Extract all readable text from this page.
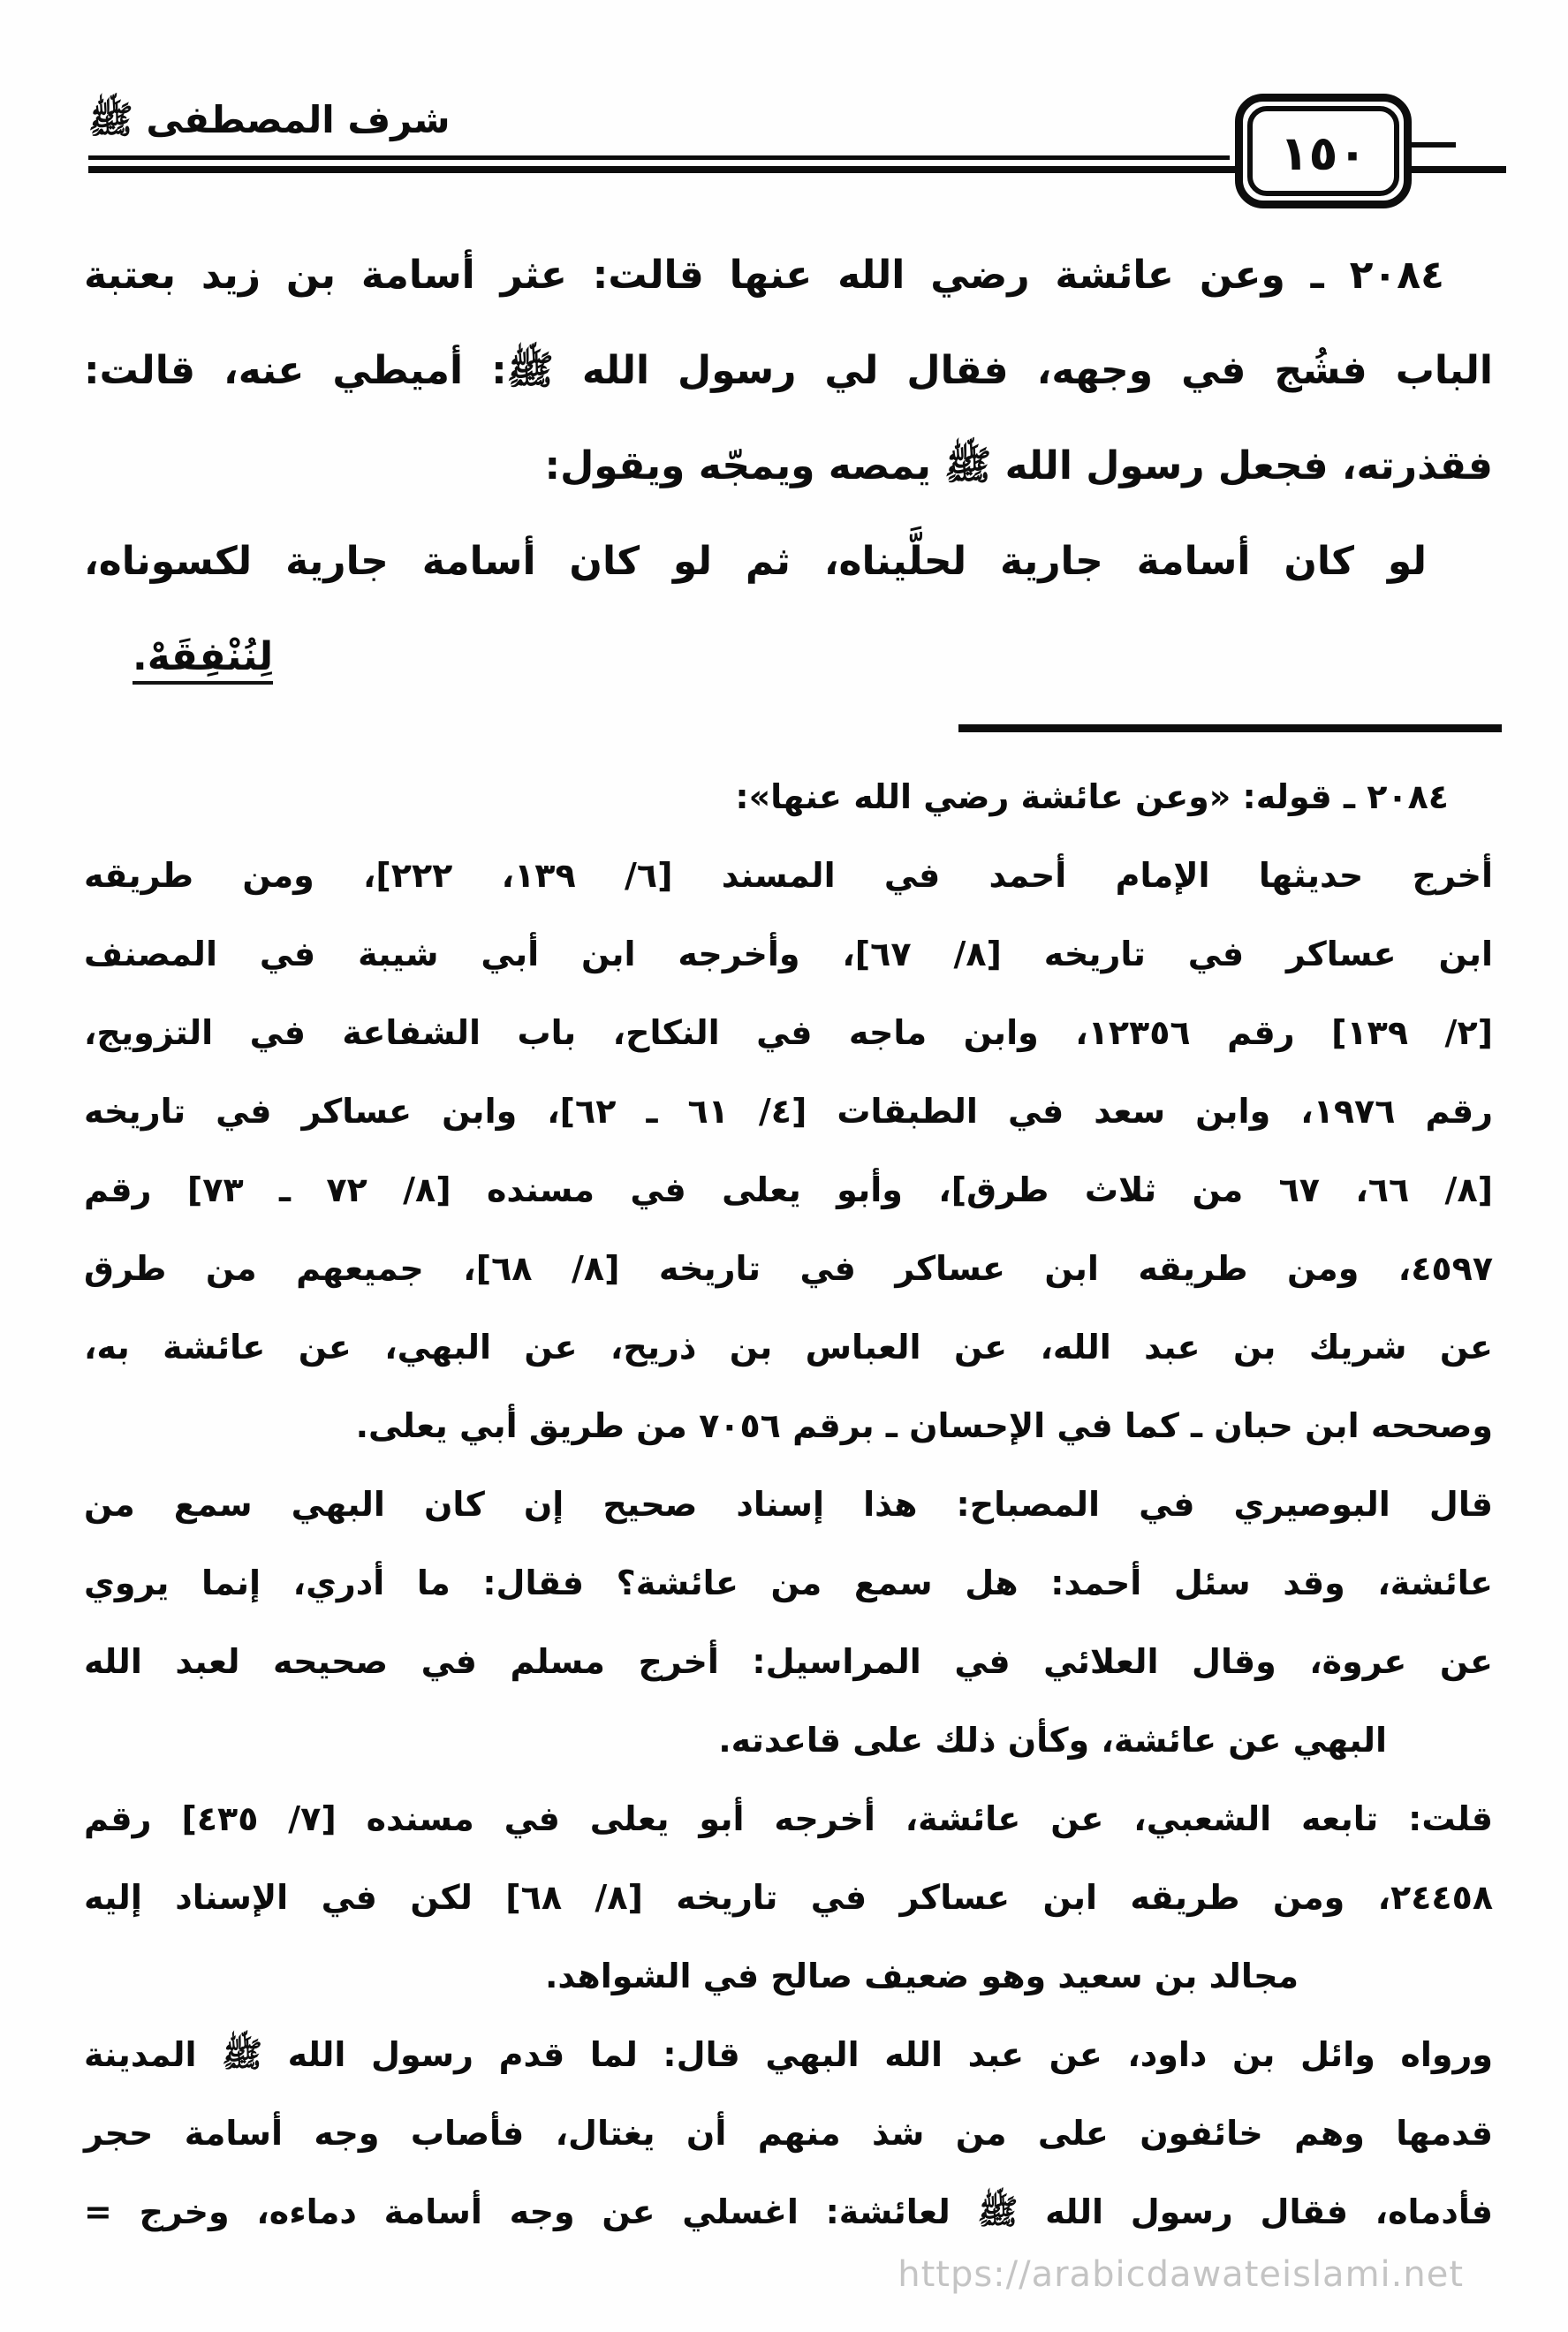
شرف المصطفى ﷺ
١٥٠
٢٠٨٤ ـ وعن عائشة رضي الله عنها قالت: عثر أسامة بن زيد بعتبة
الباب فشُج في وجهه، فقال لي رسول الله ﷺ: أميطي عنه، قالت:
فقذرته، فجعل رسول الله ﷺ يمصه ويمجّه ويقول:
لو كان أسامة جارية لحلَّيناه، ثم لو كان أسامة جارية لكسوناه،
لِنُنْفِقَهْ.
٢٠٨٤ ـ قوله: «وعن عائشة رضي الله عنها»:
أخرج حديثها الإمام أحمد في المسند [٦/ ١٣٩، ٢٢٢]، ومن طريقه
ابن عساكر في تاريخه [٨/ ٦٧]، وأخرجه ابن أبي شيبة في المصنف
[٢/ ١٣٩] رقم ١٢٣٥٦، وابن ماجه في النكاح، باب الشفاعة في التزويج،
رقم ١٩٧٦، وابن سعد في الطبقات [٤/ ٦١ ـ ٦٢]، وابن عساكر في تاريخه
[٨/ ٦٦، ٦٧ من ثلاث طرق]، وأبو يعلى في مسنده [٨/ ٧٢ ـ ٧٣] رقم
٤٥٩٧، ومن طريقه ابن عساكر في تاريخه [٨/ ٦٨]، جميعهم من طرق
عن شريك بن عبد الله، عن العباس بن ذريح، عن البهي، عن عائشة به،
وصححه ابن حبان ـ كما في الإحسان ـ برقم ٧٠٥٦ من طريق أبي يعلى.
قال البوصيري في المصباح: هذا إسناد صحيح إن كان البهي سمع من
عائشة، وقد سئل أحمد: هل سمع من عائشة؟ فقال: ما أدري، إنما يروي
عن عروة، وقال العلائي في المراسيل: أخرج مسلم في صحيحه لعبد الله
البهي عن عائشة، وكأن ذلك على قاعدته.
قلت: تابعه الشعبي، عن عائشة، أخرجه أبو يعلى في مسنده [٧/ ٤٣٥] رقم
٢٤٤٥٨، ومن طريقه ابن عساكر في تاريخه [٨/ ٦٨] لكن في الإسناد إليه
مجالد بن سعيد وهو ضعيف صالح في الشواهد.
ورواه وائل بن داود، عن عبد الله البهي قال: لما قدم رسول الله ﷺ المدينة
قدمها وهم خائفون على من شذ منهم أن يغتال، فأصاب وجه أسامة حجر
فأدماه، فقال رسول الله ﷺ لعائشة: اغسلي عن وجه أسامة دماءه، وخرج =
https://arabicdawateislami.net
